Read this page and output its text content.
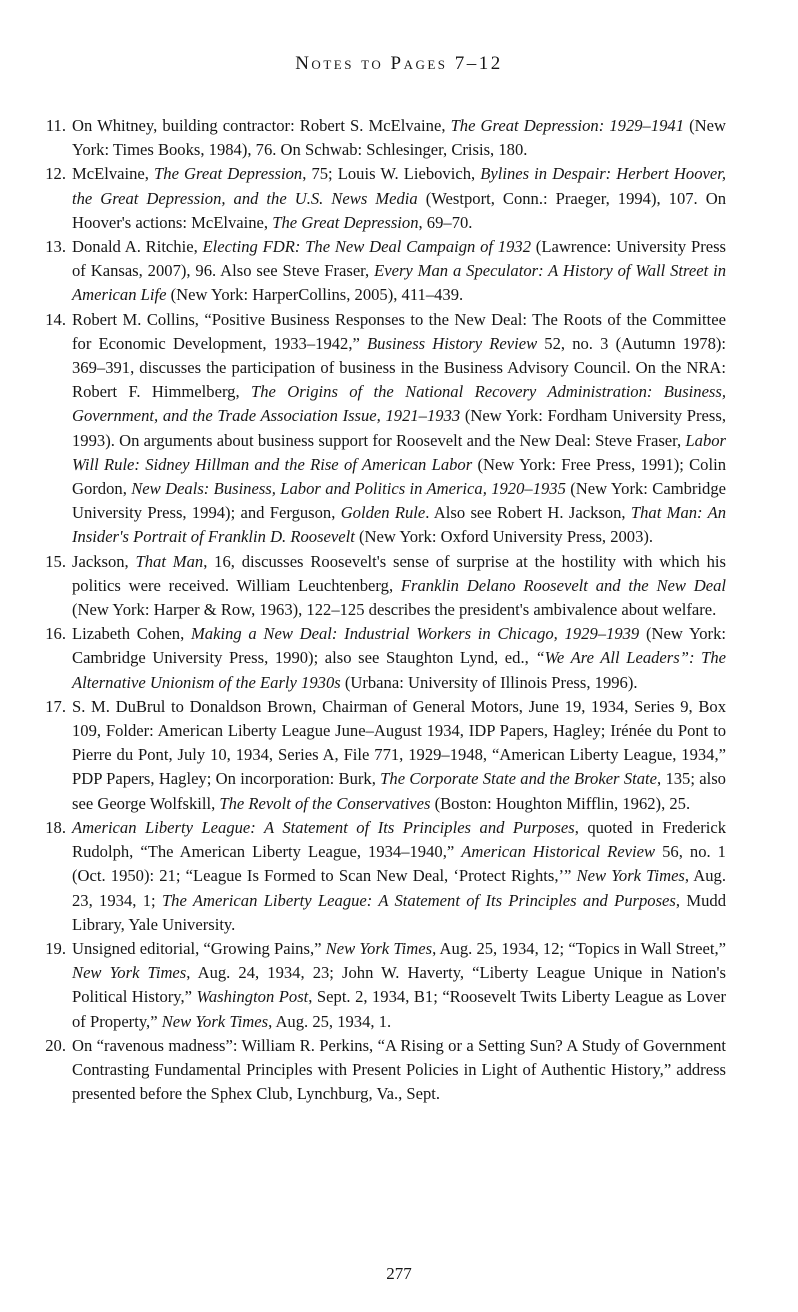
Notes to Pages 7–12
11. On Whitney, building contractor: Robert S. McElvaine, The Great Depression: 1929–1941 (New York: Times Books, 1984), 76. On Schwab: Schlesinger, Crisis, 180.
12. McElvaine, The Great Depression, 75; Louis W. Liebovich, Bylines in Despair: Herbert Hoover, the Great Depression, and the U.S. News Media (Westport, Conn.: Praeger, 1994), 107. On Hoover's actions: McElvaine, The Great Depression, 69–70.
13. Donald A. Ritchie, Electing FDR: The New Deal Campaign of 1932 (Lawrence: University Press of Kansas, 2007), 96. Also see Steve Fraser, Every Man a Speculator: A History of Wall Street in American Life (New York: HarperCollins, 2005), 411–439.
14. Robert M. Collins, “Positive Business Responses to the New Deal: The Roots of the Committee for Economic Development, 1933–1942,” Business History Review 52, no. 3 (Autumn 1978): 369–391, discusses the participation of business in the Business Advisory Council. On the NRA: Robert F. Himmelberg, The Origins of the National Recovery Administration: Business, Government, and the Trade Association Issue, 1921–1933 (New York: Fordham University Press, 1993). On arguments about business support for Roosevelt and the New Deal: Steve Fraser, Labor Will Rule: Sidney Hillman and the Rise of American Labor (New York: Free Press, 1991); Colin Gordon, New Deals: Business, Labor and Politics in America, 1920–1935 (New York: Cambridge University Press, 1994); and Ferguson, Golden Rule. Also see Robert H. Jackson, That Man: An Insider's Portrait of Franklin D. Roosevelt (New York: Oxford University Press, 2003).
15. Jackson, That Man, 16, discusses Roosevelt's sense of surprise at the hostility with which his politics were received. William Leuchtenberg, Franklin Delano Roosevelt and the New Deal (New York: Harper & Row, 1963), 122–125 describes the president's ambivalence about welfare.
16. Lizabeth Cohen, Making a New Deal: Industrial Workers in Chicago, 1929–1939 (New York: Cambridge University Press, 1990); also see Staughton Lynd, ed., “We Are All Leaders”: The Alternative Unionism of the Early 1930s (Urbana: University of Illinois Press, 1996).
17. S. M. DuBrul to Donaldson Brown, Chairman of General Motors, June 19, 1934, Series 9, Box 109, Folder: American Liberty League June–August 1934, IDP Papers, Hagley; Irénée du Pont to Pierre du Pont, July 10, 1934, Series A, File 771, 1929–1948, “American Liberty League, 1934,” PDP Papers, Hagley; On incorporation: Burk, The Corporate State and the Broker State, 135; also see George Wolfskill, The Revolt of the Conservatives (Boston: Houghton Mifflin, 1962), 25.
18. American Liberty League: A Statement of Its Principles and Purposes, quoted in Frederick Rudolph, “The American Liberty League, 1934–1940,” American Historical Review 56, no. 1 (Oct. 1950): 21; “League Is Formed to Scan New Deal, ‘Protect Rights,’” New York Times, Aug. 23, 1934, 1; The American Liberty League: A Statement of Its Principles and Purposes, Mudd Library, Yale University.
19. Unsigned editorial, “Growing Pains,” New York Times, Aug. 25, 1934, 12; “Topics in Wall Street,” New York Times, Aug. 24, 1934, 23; John W. Haverty, “Liberty League Unique in Nation's Political History,” Washington Post, Sept. 2, 1934, B1; “Roosevelt Twits Liberty League as Lover of Property,” New York Times, Aug. 25, 1934, 1.
20. On “ravenous madness”: William R. Perkins, “A Rising or a Setting Sun? A Study of Government Contrasting Fundamental Principles with Present Policies in Light of Authentic History,” address presented before the Sphex Club, Lynchburg, Va., Sept.
277
